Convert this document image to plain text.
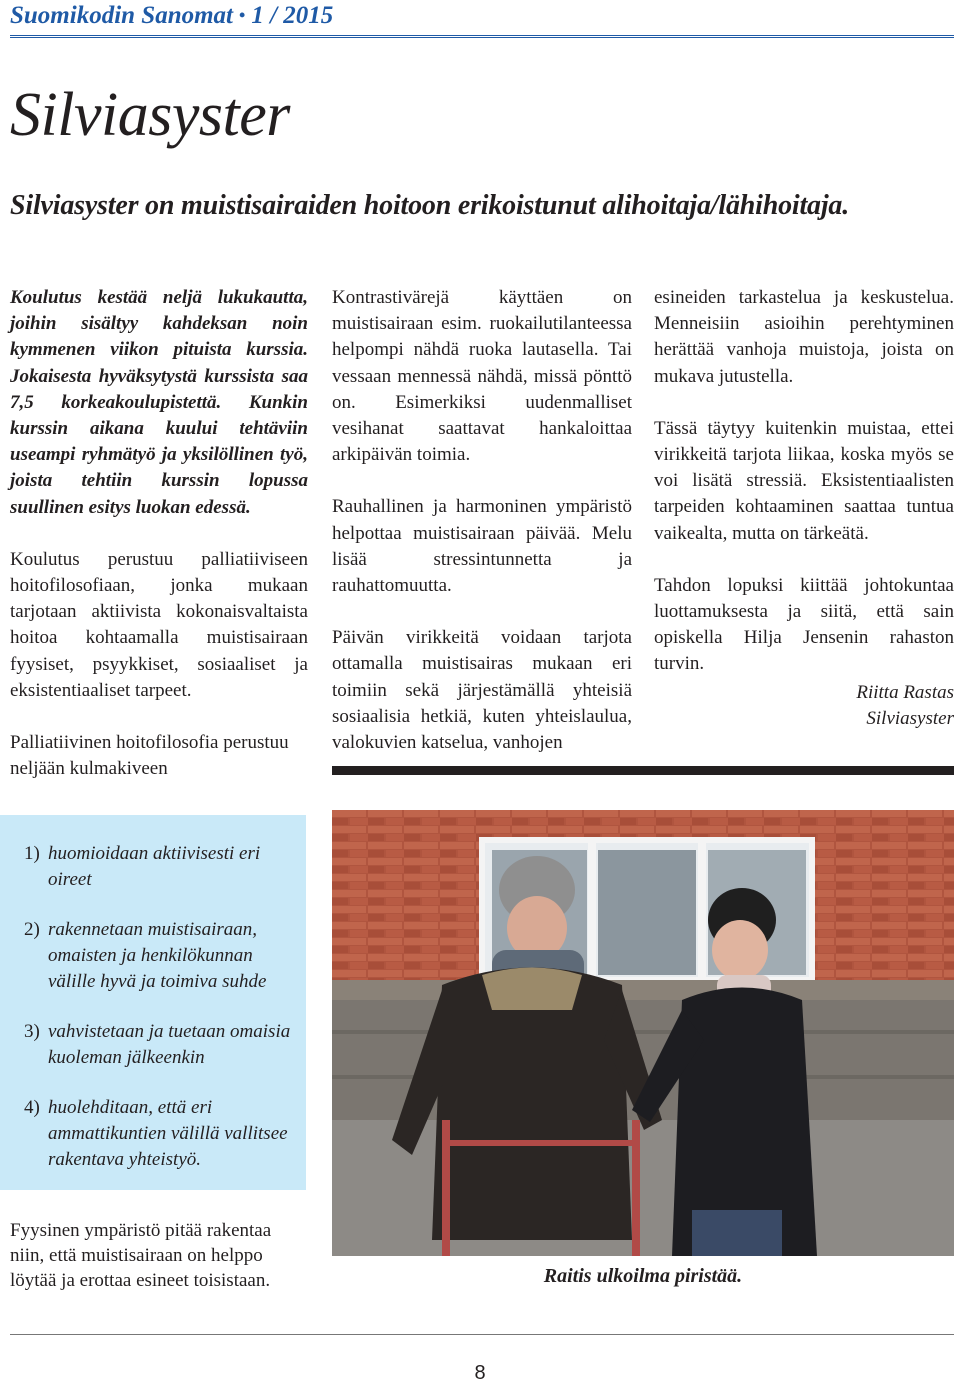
Suomikodin Sanomat • 1 / 2015
Silviasyster
Silviasyster on muistisairaiden hoitoon erikoistunut alihoitaja/lähihoitaja.

Koulutus kestää neljä lukukautta, joihin sisältyy kahdeksan noin kymmenen viikon pituista kurssia. Jokaisesta hyväksytystä kurssista saa 7,5 korkeakoulupistettä. Kunkin kurssin aikana kuului tehtäviin useampi ryhmätyö ja yksilöllinen työ, joista tehtiin kurssin lopussa suullinen esitys luokan edessä.

Koulutus perustuu palliatiiviseen hoitofilosofiaan, jonka mukaan tarjotaan aktiivista kokonaisvaltaista hoitoa kohtaamalla muistisairaan fyysiset, psyykkiset, sosiaaliset ja eksistentiaaliset tarpeet.

Palliatiivinen hoitofilosofia perustuu neljään kulmakiveen

Kontrastivärejä käyttäen on muistisairaan esim. ruokailutilanteessa helpompi nähdä ruoka lautasella. Tai vessaan mennessä nähdä, missä pönttö on. Esimerkiksi uudenmalliset vesihanat saattavat hankaloittaa arkipäivän toimia.

Rauhallinen ja harmoninen ympäristö helpottaa muistisairaan päivää. Melu lisää stressintunnetta ja rauhattomuutta.

Päivän virikkeitä voidaan tarjota ottamalla muistisairas mukaan eri toimiin sekä järjestämällä yhteisiä sosiaalisia hetkiä, kuten yhteislaulua, valokuvien katselua, vanhojen

esineiden tarkastelua ja keskustelua. Menneisiin asioihin perehtyminen herättää vanhoja muistoja, joista on mukava jutustella.

Tässä täytyy kuitenkin muistaa, ettei virikkeitä tarjota liikaa, koska myös se voi lisätä stressiä. Eksistentiaalisten tarpeiden kohtaaminen saattaa tuntua vaikealta, mutta on tärkeätä.

Tahdon lopuksi kiittää johtokuntaa luottamuksesta ja siitä, että sain opiskella Hilja Jensenin rahaston turvin.

Riitta Rastas
Silviasyster
1) huomioidaan aktiivisesti eri oireet
2) rakennetaan muistisairaan, omaisten ja henkilökunnan välille hyvä ja toimiva suhde
3) vahvistetaan ja tuetaan omaisia kuoleman jälkeenkin
4) huolehditaan, että eri ammattikuntien välillä vallitsee rakentava yhteistyö.
Fyysinen ympäristö pitää rakentaa niin, että muistisairaan on helppo löytää ja erottaa esineet toisistaan.	Raitis ulkoilma piristää.
8
